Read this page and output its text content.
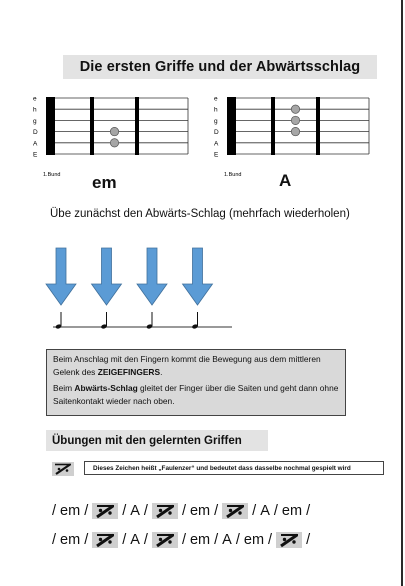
Die ersten Griffe und der Abwärtsschlag
e
h
g
D
A
E
1.Bund em
e
h
g
D
A
E
1.Bund A
Übe zunächst den Abwärts-Schlag (mehrfach wiederholen)

Beim Anschlag mit den Fingern kommt die Bewegung aus dem mittleren Gelenk des ZEIGEFINGERS.

Beim Abwärts-Schlag gleitet der Finger über die Saiten und geht dann ohne Saitenkontakt wieder nach oben.

Übungen mit den gelernten Griffen
Dieses Zeichen heißt „Faulenzer“ und bedeutet dass dasselbe nochmal gespielt wird
/ em / / A / / em / / A / em /
/ em / / A / / em / A / em / /
